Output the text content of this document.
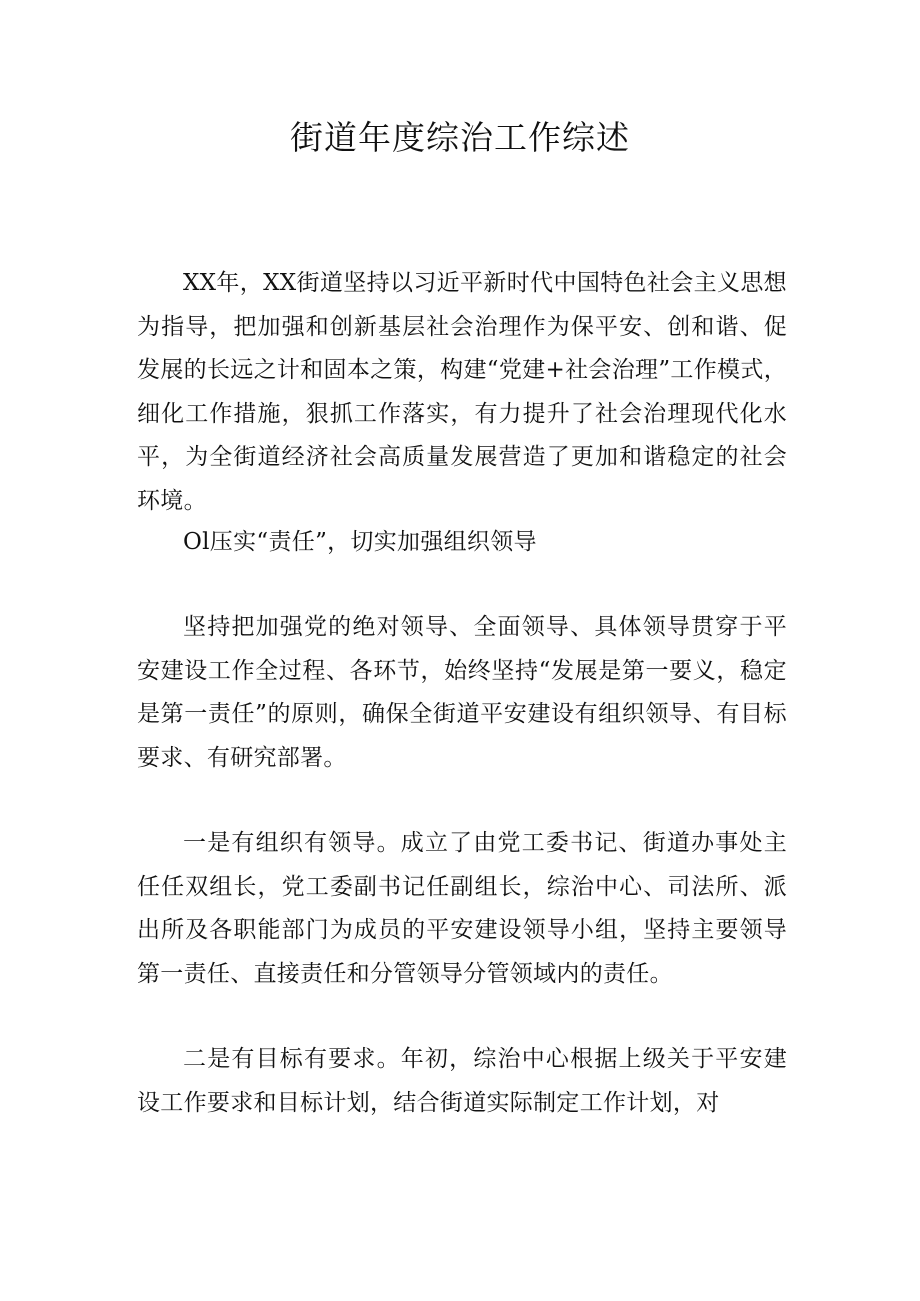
街道年度综治工作综述

XX年，XX街道坚持以习近平新时代中国特色社会主义思想为指导，把加强和创新基层社会治理作为保平安、创和谐、促发展的长远之计和固本之策，构建“党建+社会治理”工作模式，细化工作措施，狠抓工作落实，有力提升了社会治理现代化水平，为全街道经济社会高质量发展营造了更加和谐稳定的社会环境。

Ol压实“责任”，切实加强组织领导

坚持把加强党的绝对领导、全面领导、具体领导贯穿于平安建设工作全过程、各环节，始终坚持“发展是第一要义，稳定是第一责任”的原则，确保全街道平安建设有组织领导、有目标要求、有研究部署。

一是有组织有领导。成立了由党工委书记、街道办事处主任任双组长，党工委副书记任副组长，综治中心、司法所、派出所及各职能部门为成员的平安建设领导小组，坚持主要领导第一责任、直接责任和分管领导分管领域内的责任。

二是有目标有要求。年初，综治中心根据上级关于平安建设工作要求和目标计划，结合街道实际制定工作计划，对
